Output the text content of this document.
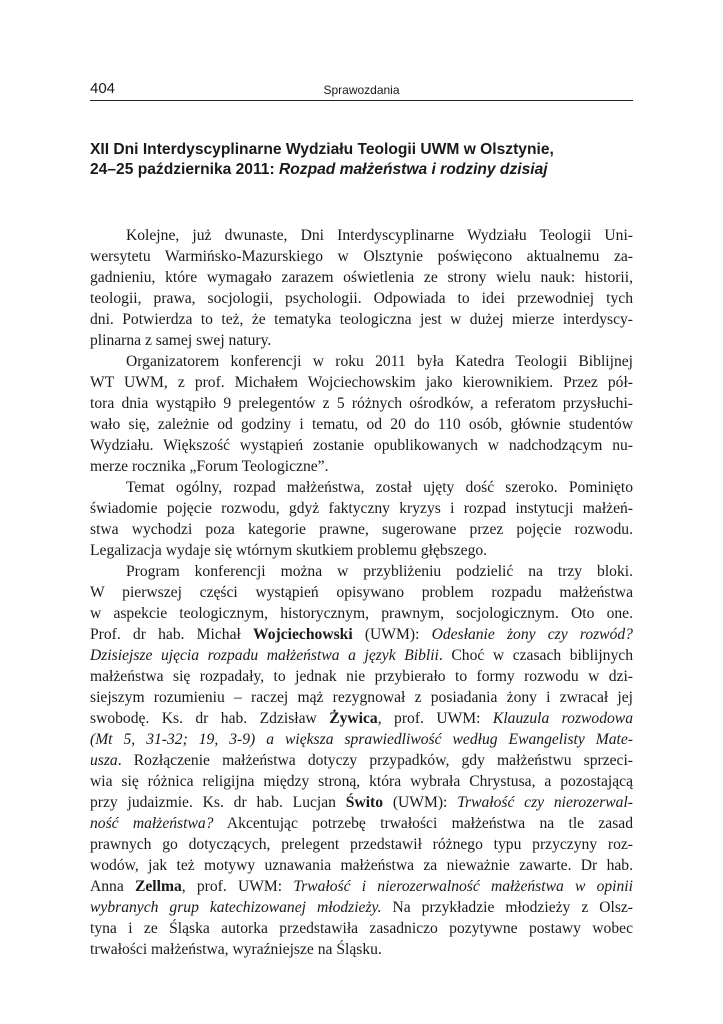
404	Sprawozdania
XII Dni Interdyscyplinarne Wydziału Teologii UWM w Olsztynie,
24–25 października 2011: Rozpad małżeństwa i rodziny dzisiaj
Kolejne, już dwunaste, Dni Interdyscyplinarne Wydziału Teologii Uni-
wersytetu Warmińsko-Mazurskiego w Olsztynie poświęcono aktualnemu za-
gadnieniu, które wymagało zarazem oświetlenia ze strony wielu nauk: historii,
teologii, prawa, socjologii, psychologii. Odpowiada to idei przewodniej tych
dni. Potwierdza to też, że tematyka teologiczna jest w dużej mierze interdyscy-
plinarna z samej swej natury.
Organizatorem konferencji w roku 2011 była Katedra Teologii Biblijnej
WT UWM, z prof. Michałem Wojciechowskim jako kierownikiem. Przez pół-
tora dnia wystąpiło 9 prelegentów z 5 różnych ośrodków, a referatom przysłuchi-
wało się, zależnie od godziny i tematu, od 20 do 110 osób, głównie studentów
Wydziału. Większość wystąpień zostanie opublikowanych w nadchodzącym nu-
merze rocznika „Forum Teologiczne”.
Temat ogólny, rozpad małżeństwa, został ujęty dość szeroko. Pominięto
świadomie pojęcie rozwodu, gdyż faktyczny kryzys i rozpad instytucji małżeń-
stwa wychodzi poza kategorie prawne, sugerowane przez pojęcie rozwodu.
Legalizacja wydaje się wtórnym skutkiem problemu głębszego.
Program konferencji można w przybliżeniu podzielić na trzy bloki.
W pierwszej części wystąpień opisywano problem rozpadu małżeństwa
w aspekcie teologicznym, historycznym, prawnym, socjologicznym. Oto one.
Prof. dr hab. Michał Wojciechowski (UWM): Odesłanie żony czy rozwód?
Dzisiejsze ujęcia rozpadu małżeństwa a język Biblii. Choć w czasach biblijnych
małżeństwa się rozpadały, to jednak nie przybierało to formy rozwodu w dzi-
siejszym rozumieniu – raczej mąż rezygnował z posiadania żony i zwracał jej
swobodę. Ks. dr hab. Zdzisław Żywica, prof. UWM: Klauzula rozwodowa
(Mt 5, 31-32; 19, 3-9) a większa sprawiedliwość według Ewangelisty Mate-
usza. Rozłączenie małżeństwa dotyczy przypadków, gdy małżeństwu sprzeci-
wia się różnica religijna między stroną, która wybrała Chrystusa, a pozostającą
przy judaizmie. Ks. dr hab. Lucjan Świto (UWM): Trwałość czy nierozerwal-
ność małżeństwa? Akcentując potrzebę trwałości małżeństwa na tle zasad
prawnych go dotyczących, prelegent przedstawił różnego typu przyczyny roz-
wodów, jak też motywy uznawania małżeństwa za nieważnie zawarte. Dr hab.
Anna Zellma, prof. UWM: Trwałość i nierozerwalność małżeństwa w opinii
wybranych grup katechizowanej młodzieży. Na przykładzie młodzieży z Olsz-
tyna i ze Śląska autorka przedstawiła zasadniczo pozytywne postawy wobec
trwałości małżeństwa, wyraźniejsze na Śląsku.
